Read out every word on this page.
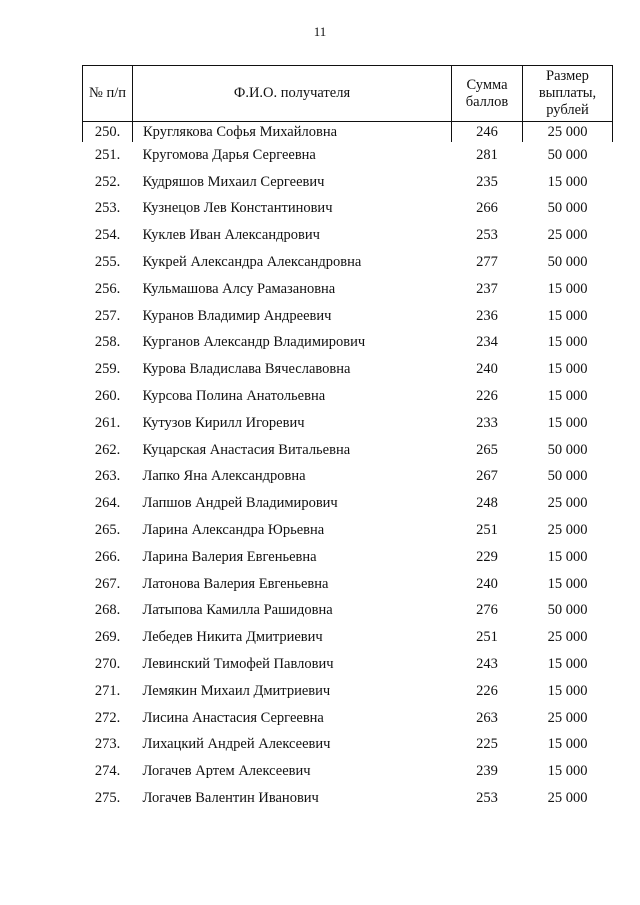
11
№ п/п	Ф.И.О. получателя	Сумма баллов	Размер выплаты, рублей
250.	Круглякова Софья Михайловна	246	25 000
251.	Кругомова Дарья Сергеевна	281	50 000
252.	Кудряшов Михаил Сергеевич	235	15 000
253.	Кузнецов Лев Константинович	266	50 000
254.	Куклев Иван Александрович	253	25 000
255.	Кукрей Александра Александровна	277	50 000
256.	Кульмашова Алсу Рамазановна	237	15 000
257.	Куранов Владимир Андреевич	236	15 000
258.	Курганов Александр Владимирович	234	15 000
259.	Курова Владислава Вячеславовна	240	15 000
260.	Курсова Полина Анатольевна	226	15 000
261.	Кутузов Кирилл Игоревич	233	15 000
262.	Куцарская Анастасия Витальевна	265	50 000
263.	Лапко Яна Александровна	267	50 000
264.	Лапшов Андрей Владимирович	248	25 000
265.	Ларина Александра Юрьевна	251	25 000
266.	Ларина Валерия Евгеньевна	229	15 000
267.	Латонова Валерия Евгеньевна	240	15 000
268.	Латыпова Камилла Рашидовна	276	50 000
269.	Лебедев Никита Дмитриевич	251	25 000
270.	Левинский Тимофей Павлович	243	15 000
271.	Лемякин Михаил Дмитриевич	226	15 000
272.	Лисина Анастасия Сергеевна	263	25 000
273.	Лихацкий Андрей Алексеевич	225	15 000
274.	Логачев Артем Алексеевич	239	15 000
275.	Логачев Валентин Иванович	253	25 000
